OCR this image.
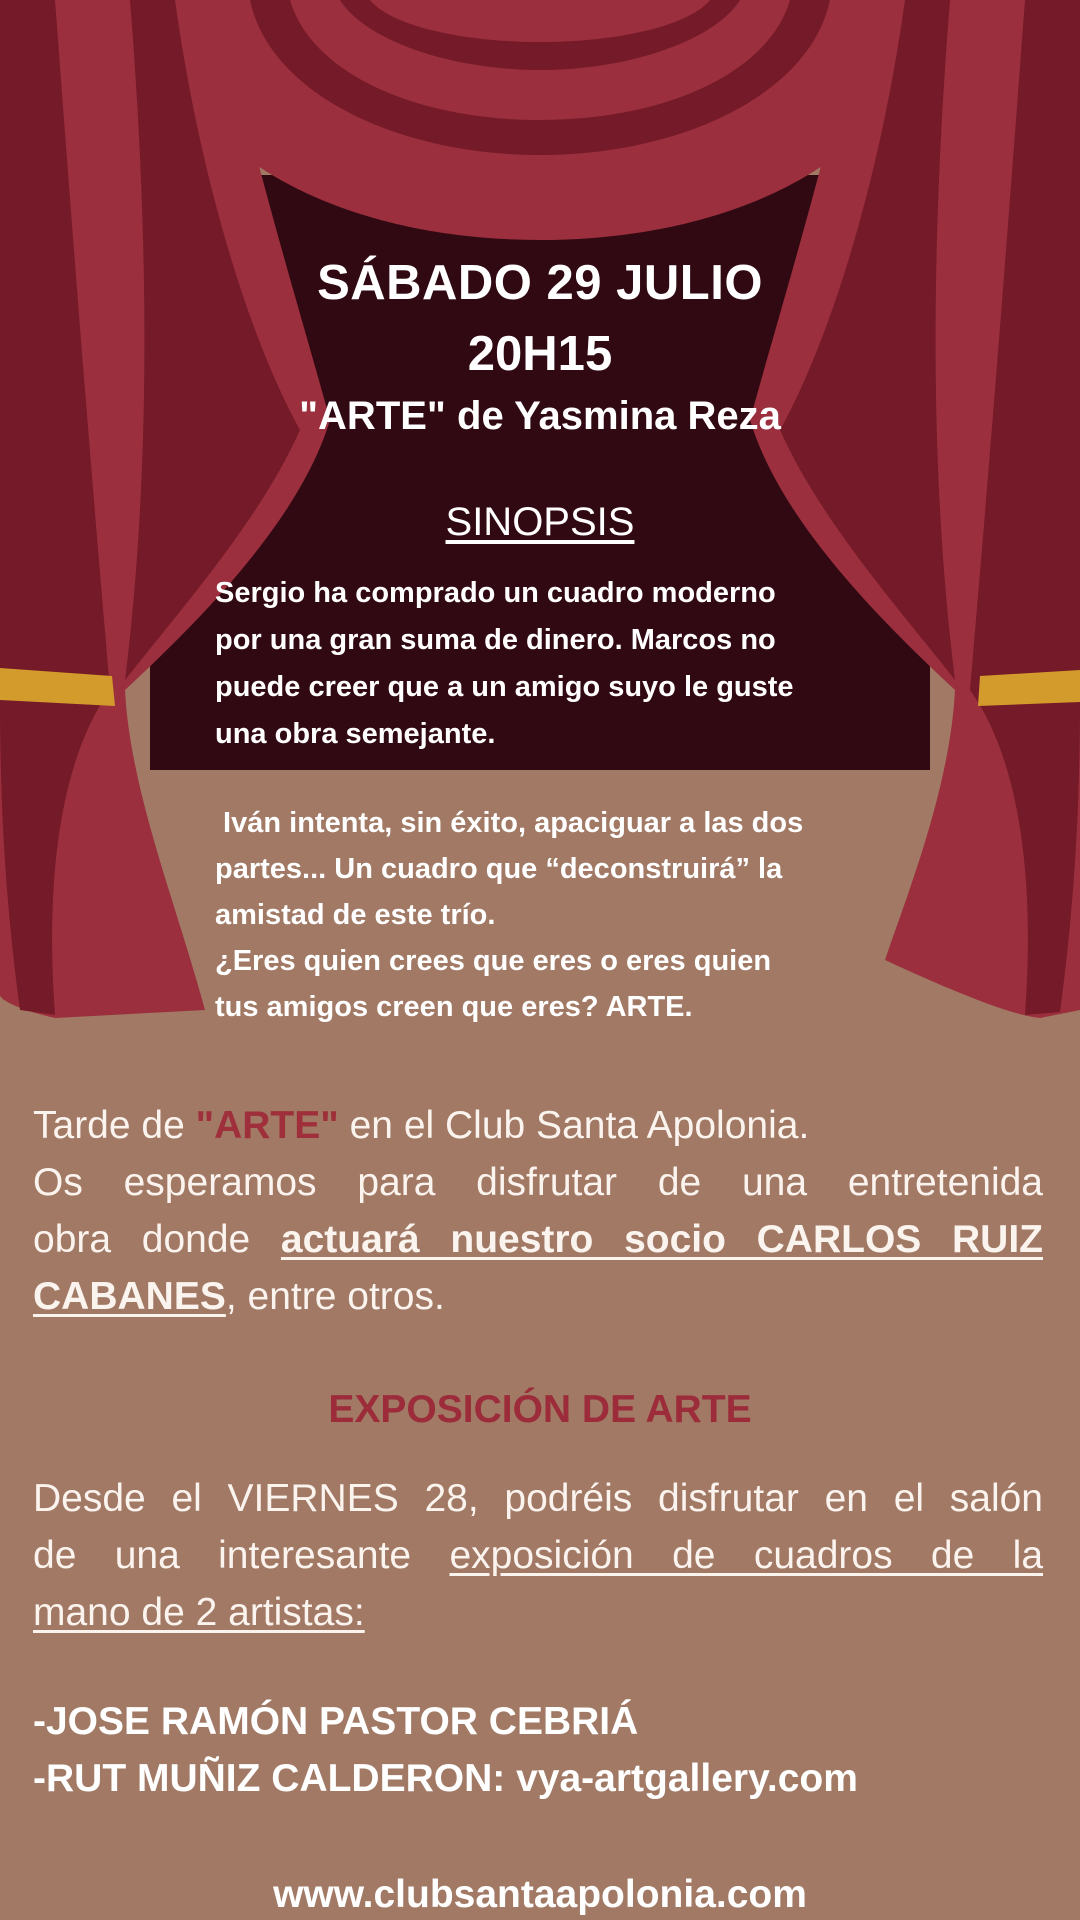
SÁBADO 29 JULIO
20H15
"ARTE" de Yasmina Reza
SINOPSIS
Sergio ha comprado un cuadro moderno
por una gran suma de dinero. Marcos no
puede creer que a un amigo suyo le guste
una obra semejante.
Iván intenta, sin éxito, apaciguar a las dos
partes... Un cuadro que “deconstruirá” la
amistad de este trío.
¿Eres quien crees que eres o eres quien
tus amigos creen que eres? ARTE.
Tarde de "ARTE" en el Club Santa Apolonia.
Os esperamos para disfrutar de una entretenida
obra donde actuará nuestro socio CARLOS RUIZ
CABANES, entre otros.
EXPOSICIÓN DE ARTE
Desde el VIERNES 28, podréis disfrutar en el salón
de una interesante exposición de cuadros de la
mano de 2 artistas:
-JOSE RAMÓN PASTOR CEBRIÁ
-RUT MUÑIZ CALDERON: vya-artgallery.com
www.clubsantaapolonia.com
